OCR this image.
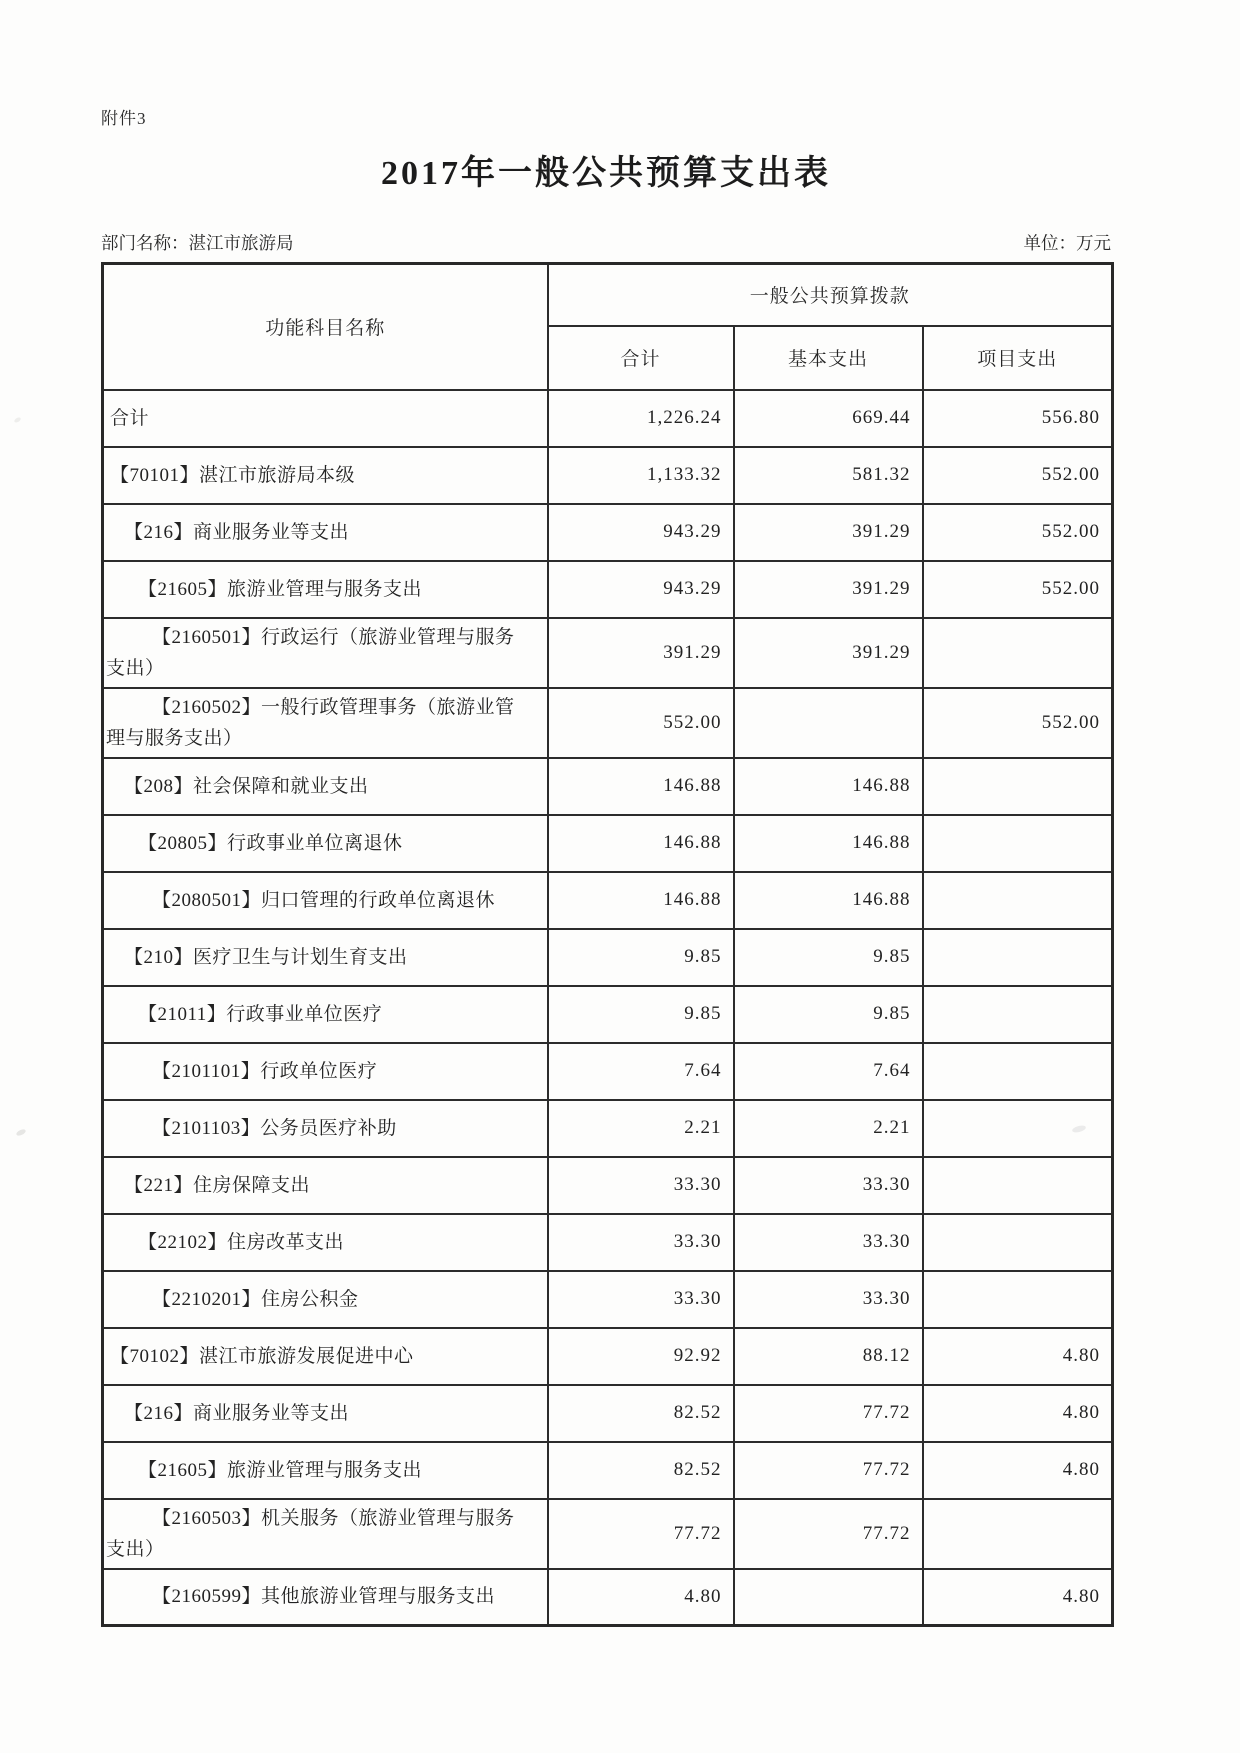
附件3
2017年一般公共预算支出表
部门名称：湛江市旅游局	单位：万元
功能科目名称	一般公共预算拨款		
	合计	基本支出	项目支出
合计	1,226.24	669.44	556.80
【70101】湛江市旅游局本级	1,133.32	581.32	552.00
【216】商业服务业等支出	943.29	391.29	552.00
【21605】旅游业管理与服务支出	943.29	391.29	552.00
【2160501】行政运行（旅游业管理与服务支出）	391.29	391.29	
【2160502】一般行政管理事务（旅游业管理与服务支出）	552.00		552.00
【208】社会保障和就业支出	146.88	146.88	
【20805】行政事业单位离退休	146.88	146.88	
【2080501】归口管理的行政单位离退休	146.88	146.88	
【210】医疗卫生与计划生育支出	9.85	9.85	
【21011】行政事业单位医疗	9.85	9.85	
【2101101】行政单位医疗	7.64	7.64	
【2101103】公务员医疗补助	2.21	2.21	
【221】住房保障支出	33.30	33.30	
【22102】住房改革支出	33.30	33.30	
【2210201】住房公积金	33.30	33.30	
【70102】湛江市旅游发展促进中心	92.92	88.12	4.80
【216】商业服务业等支出	82.52	77.72	4.80
【21605】旅游业管理与服务支出	82.52	77.72	4.80
【2160503】机关服务（旅游业管理与服务支出）	77.72	77.72	
【2160599】其他旅游业管理与服务支出	4.80		4.80
